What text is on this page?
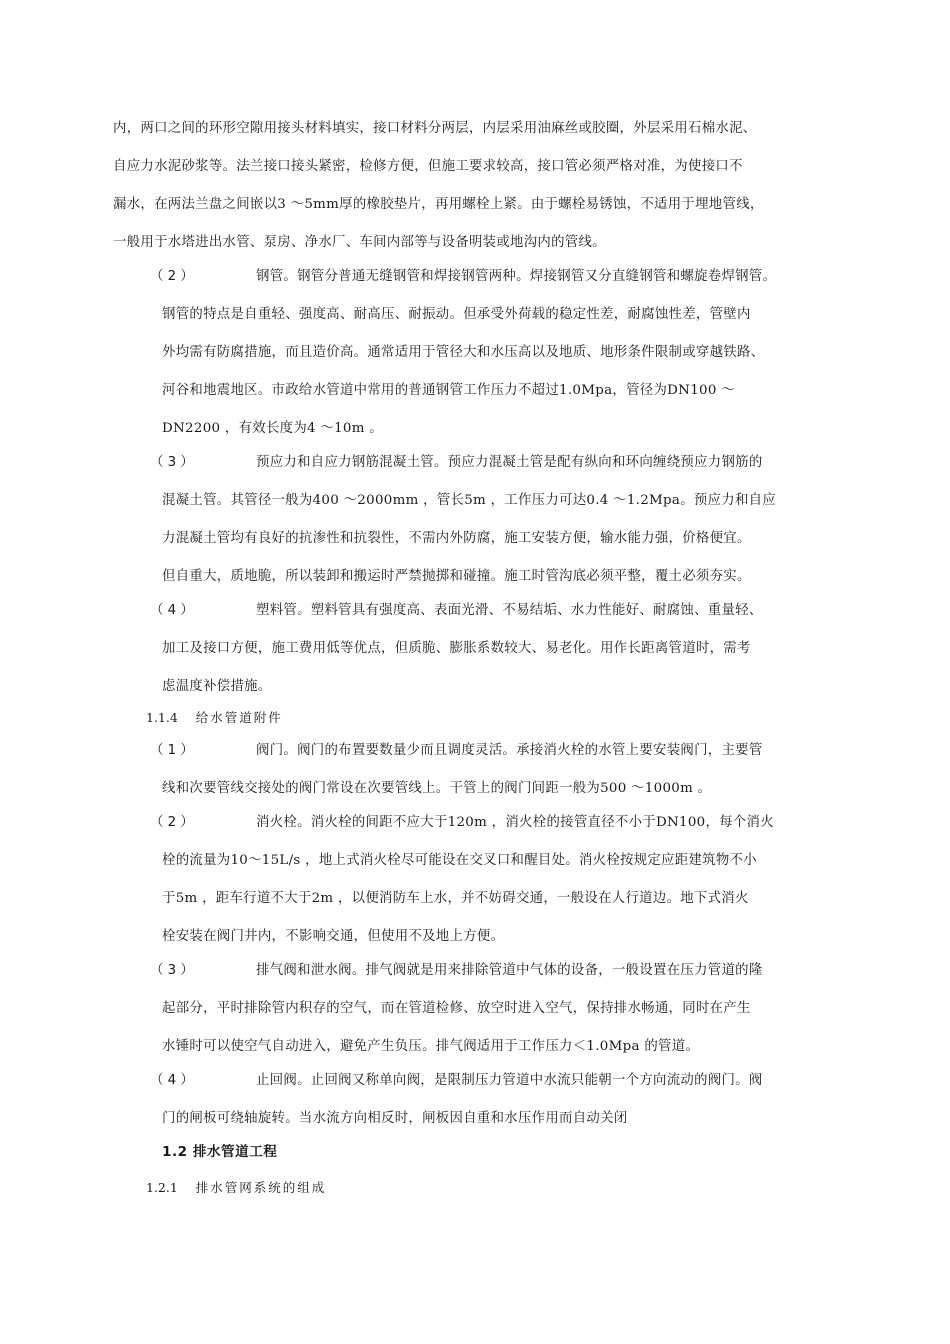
内，两口之间的环形空隙用接头材料填实，接口材料分两层，内层采用油麻丝或胶圈，外层采用石棉水泥、
自应力水泥砂浆等。法兰接口接头紧密，检修方便，但施工要求较高，接口管必须严格对准，为使接口不
漏水，在两法兰盘之间嵌以3 ～5mm厚的橡胶垫片，再用螺栓上紧。由于螺栓易锈蚀，不适用于埋地管线，
一般用于水塔进出水管、泵房、净水厂、车间内部等与设备明装或地沟内的管线。
（ 2 ）	钢管。钢管分普通无缝钢管和焊接钢管两种。焊接钢管又分直缝钢管和螺旋卷焊钢管。
钢管的特点是自重轻、强度高、耐高压、耐振动。但承受外荷载的稳定性差，耐腐蚀性差，管壁内
外均需有防腐措施，而且造价高。通常适用于管径大和水压高以及地质、地形条件限制或穿越铁路、
河谷和地震地区。市政给水管道中常用的普通钢管工作压力不超过1.0Mpa，管径为DN100 ～
DN2200 ，有效长度为4 ～10m 。
（ 3 ）	预应力和自应力钢筋混凝土管。预应力混凝土管是配有纵向和环向缠绕预应力钢筋的
混凝土管。其管径一般为400 ～2000mm ，管长5m ，工作压力可达0.4 ～1.2Mpa。预应力和自应
力混凝土管均有良好的抗渗性和抗裂性，不需内外防腐，施工安装方便，输水能力强，价格便宜。
但自重大，质地脆，所以装卸和搬运时严禁抛掷和碰撞。施工时管沟底必须平整，覆土必须夯实。
（ 4 ）	塑料管。塑料管具有强度高、表面光滑、不易结垢、水力性能好、耐腐蚀、重量轻、
加工及接口方便，施工费用低等优点，但质脆、膨胀系数较大、易老化。用作长距离管道时，需考
虑温度补偿措施。
1.1.4 给水管道附件
（ 1 ）	阀门。阀门的布置要数量少而且调度灵活。承接消火栓的水管上要安装阀门，主要管
线和次要管线交接处的阀门常设在次要管线上。干管上的阀门间距一般为500 ～1000m 。
（ 2 ）	消火栓。消火栓的间距不应大于120m ，消火栓的接管直径不小于DN100，每个消火
栓的流量为10～15L/s ，地上式消火栓尽可能设在交叉口和醒目处。消火栓按规定应距建筑物不小
于5m ，距车行道不大于2m ，以便消防车上水，并不妨碍交通，一般设在人行道边。地下式消火
栓安装在阀门井内，不影响交通，但使用不及地上方便。
（ 3 ）	排气阀和泄水阀。排气阀就是用来排除管道中气体的设备，一般设置在压力管道的隆
起部分，平时排除管内积存的空气，而在管道检修、放空时进入空气，保持排水畅通，同时在产生
水锤时可以使空气自动进入，避免产生负压。排气阀适用于工作压力＜1.0Mpa 的管道。
（ 4 ）	止回阀。止回阀又称单向阀，是限制压力管道中水流只能朝一个方向流动的阀门。阀
门的闸板可绕轴旋转。当水流方向相反时，闸板因自重和水压作用而自动关闭
1.2 排水管道工程
1.2.1 排水管网系统的组成
